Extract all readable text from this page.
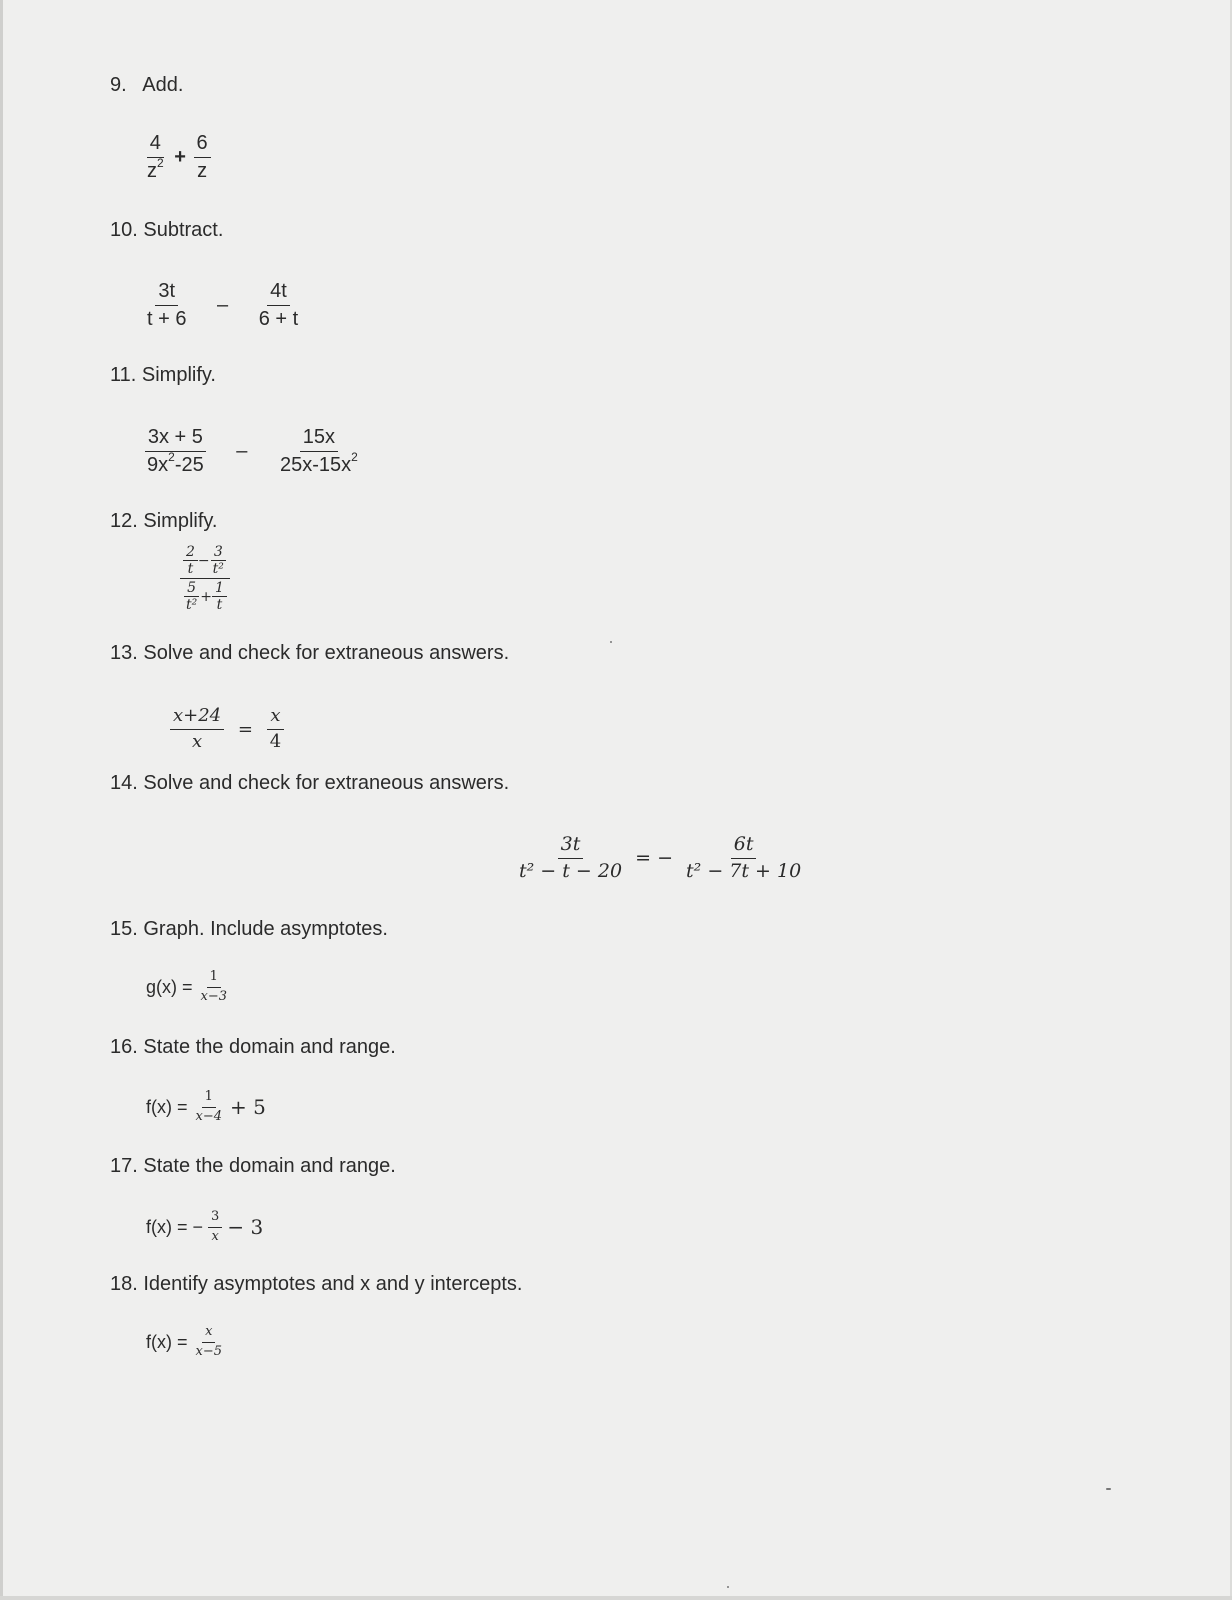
9. Add.
$\frac{4}{z^2} + \frac{6}{z}$
10. Subtract.
$\frac{3t}{t + 6} - \frac{4t}{6 + t}$
11. Simplify.
$\frac{3x + 5}{9x^2-25} - \frac{15x}{25x-15x^2}$
12. Simplify.
$\frac{\frac{2}{t} - \frac{3}{\text{t²}}}{\frac{5}{\text{t²}} + \frac{1}{t}}$
13. Solve and check for extraneous answers.
$\frac{x+24}{x} = \frac{x}{4}$
14. Solve and check for extraneous answers.
$\frac{3t}{\text{t² − t − 20}}$ = − $\frac{6t}{\text{t² − 7t + 10}}$
15. Graph. Include asymptotes.
$g(x) = \frac{1}{x-3}$
16. State the domain and range.
$f(x) = \frac{1}{x-4} + 5$
17. State the domain and range.
f(x) = − $\frac{3}{x} - 3$
18. Identify asymptotes and x and y intercepts.
$f(x) = \frac{x}{x-5}$
